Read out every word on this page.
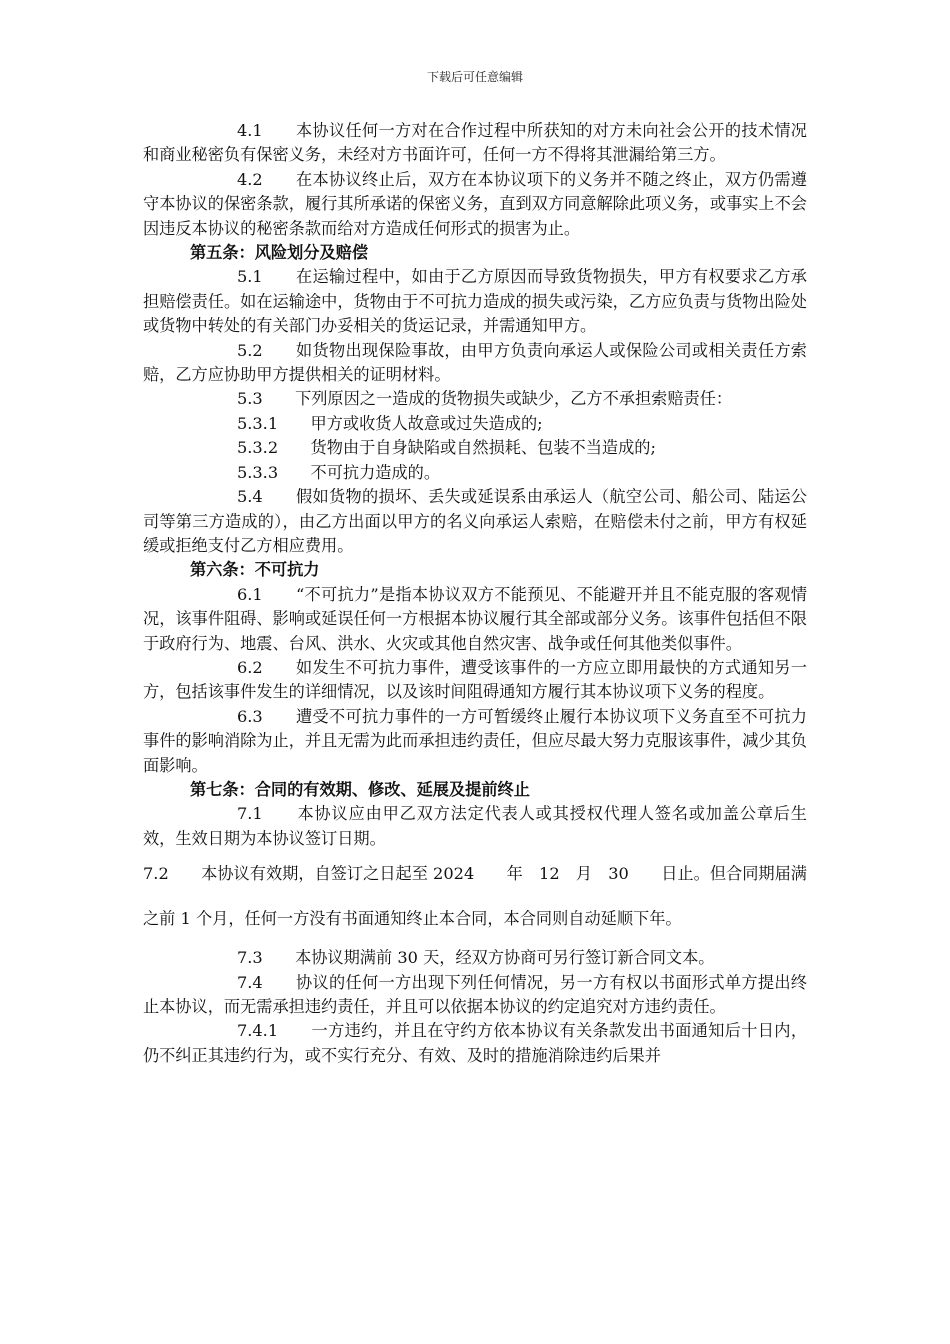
下载后可任意编辑

4.1　　 本协议任何一方对在合作过程中所获知的对方未向社会公开的技术情况和商业秘密负有保密义务，未经对方书面许可，任何一方不得将其泄漏给第三方。

4.2　　 在本协议终止后，双方在本协议项下的义务并不随之终止，双方仍需遵守本协议的保密条款，履行其所承诺的保密义务，直到双方同意解除此项义务，或事实上不会因违反本协议的秘密条款而给对方造成任何形式的损害为止。

第五条：风险划分及赔偿

5.1　　 在运输过程中，如由于乙方原因而导致货物损失，甲方有权要求乙方承担赔偿责任。如在运输途中，货物由于不可抗力造成的损失或污染，乙方应负责与货物出险处或货物中转处的有关部门办妥相关的货运记录，并需通知甲方。

5.2　　 如货物出现保险事故，由甲方负责向承运人或保险公司或相关责任方索赔，乙方应协助甲方提供相关的证明材料。

5.3　　 下列原因之一造成的货物损失或缺少，乙方不承担索赔责任：

5.3.1　　 甲方或收货人故意或过失造成的;

5.3.2　　 货物由于自身缺陷或自然损耗、包装不当造成的;

5.3.3　　 不可抗力造成的。

5.4　　 假如货物的损坏、丢失或延误系由承运人（航空公司、船公司、陆运公司等第三方造成的），由乙方出面以甲方的名义向承运人索赔，在赔偿未付之前，甲方有权延缓或拒绝支付乙方相应费用。

第六条：不可抗力

6.1　　 “不可抗力”是指本协议双方不能预见、不能避开并且不能克服的客观情况，该事件阻碍、影响或延误任何一方根据本协议履行其全部或部分义务。该事件包括但不限于政府行为、地震、台风、洪水、火灾或其他自然灾害、战争或任何其他类似事件。

6.2　　 如发生不可抗力事件，遭受该事件的一方应立即用最快的方式通知另一方，包括该事件发生的详细情况，以及该时间阻碍通知方履行其本协议项下义务的程度。

6.3　　 遭受不可抗力事件的一方可暂缓终止履行本协议项下义务直至不可抗力事件的影响消除为止，并且无需为此而承担违约责任，但应尽最大努力克服该事件，减少其负面影响。

第七条：合同的有效期、修改、延展及提前终止

7.1　　 本协议应由甲乙双方法定代表人或其授权代理人签名或加盖公章后生效，生效日期为本协议签订日期。

7.2　　 本协议有效期，自签订之日起至 2024　　年　12　月　30　　日止。但合同期届满之前 1 个月，任何一方没有书面通知终止本合同，本合同则自动延顺下年。

7.3　　 本协议期满前 30 天，经双方协商可另行签订新合同文本。

7.4　　 协议的任何一方出现下列任何情况，另一方有权以书面形式单方提出终止本协议，而无需承担违约责任，并且可以依据本协议的约定追究对方违约责任。

7.4.1　　 一方违约，并且在守约方依本协议有关条款发出书面通知后十日内，仍不纠正其违约行为，或不实行充分、有效、及时的措施消除违约后果并
